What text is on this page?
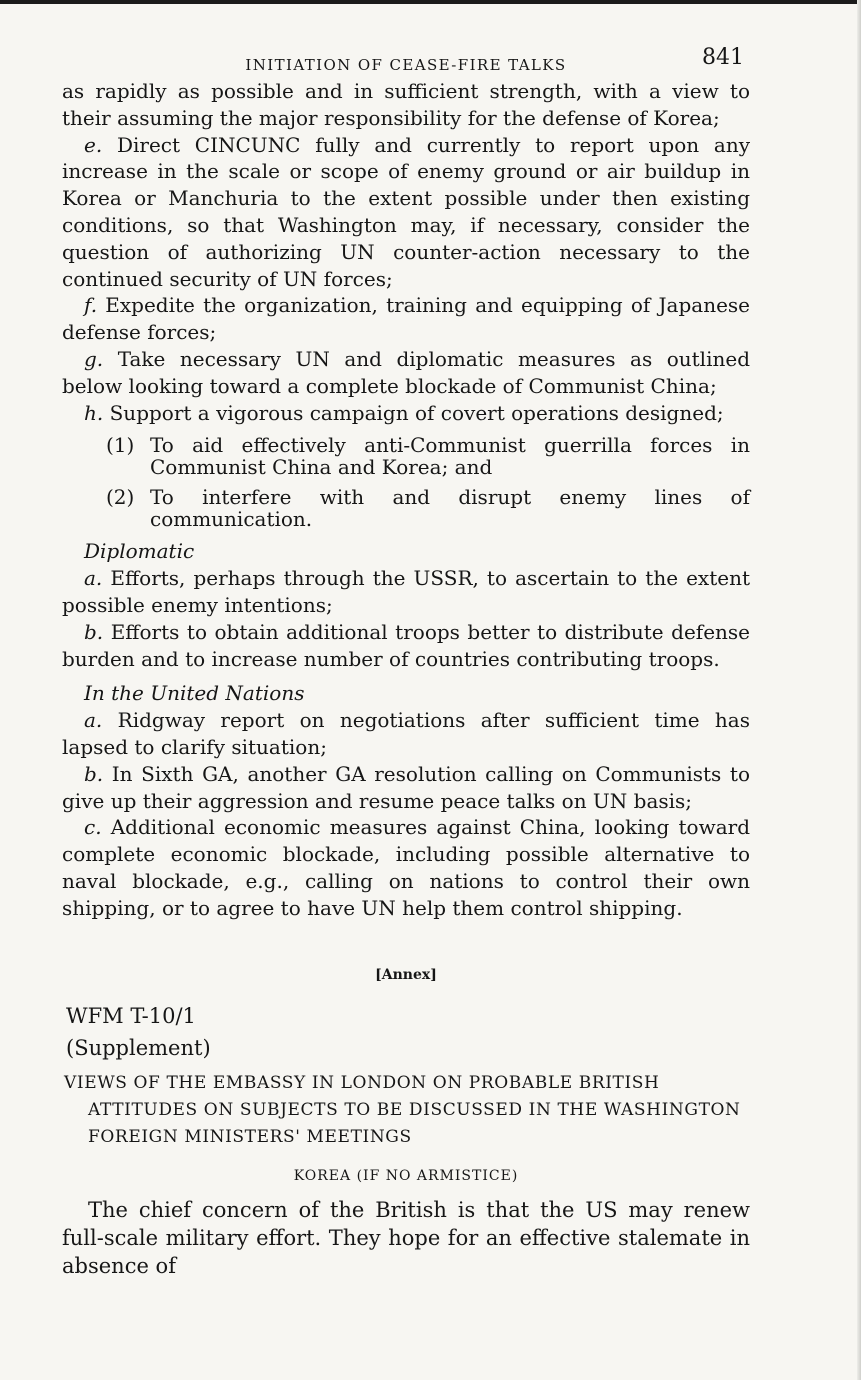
INITIATION OF CEASE-FIRE TALKS	841

as rapidly as possible and in sufficient strength, with a view to their assuming the major responsibility for the defense of Korea;

e. Direct CINCUNC fully and currently to report upon any increase in the scale or scope of enemy ground or air buildup in Korea or Manchuria to the extent possible under then existing conditions, so that Washington may, if necessary, consider the question of authorizing UN counter-action necessary to the continued security of UN forces;

f. Expedite the organization, training and equipping of Japanese defense forces;

g. Take necessary UN and diplomatic measures as outlined below looking toward a complete blockade of Communist China;

h. Support a vigorous campaign of covert operations designed;

(1) To aid effectively anti-Communist guerrilla forces in Communist China and Korea; and

(2) To interfere with and disrupt enemy lines of communication.

Diplomatic

a. Efforts, perhaps through the USSR, to ascertain to the extent possible enemy intentions;

b. Efforts to obtain additional troops better to distribute defense burden and to increase number of countries contributing troops.

In the United Nations

a. Ridgway report on negotiations after sufficient time has lapsed to clarify situation;

b. In Sixth GA, another GA resolution calling on Communists to give up their aggression and resume peace talks on UN basis;

c. Additional economic measures against China, looking toward complete economic blockade, including possible alternative to naval blockade, e.g., calling on nations to control their own shipping, or to agree to have UN help them control shipping.

[Annex]
WFM T-10/1
(Supplement)

VIEWS OF THE EMBASSY IN LONDON ON PROBABLE BRITISH ATTITUDES ON SUBJECTS TO BE DISCUSSED IN THE WASHINGTON FOREIGN MINISTERS' MEETINGS

KOREA (IF NO ARMISTICE)

The chief concern of the British is that the US may renew full-scale military effort. They hope for an effective stalemate in absence of
